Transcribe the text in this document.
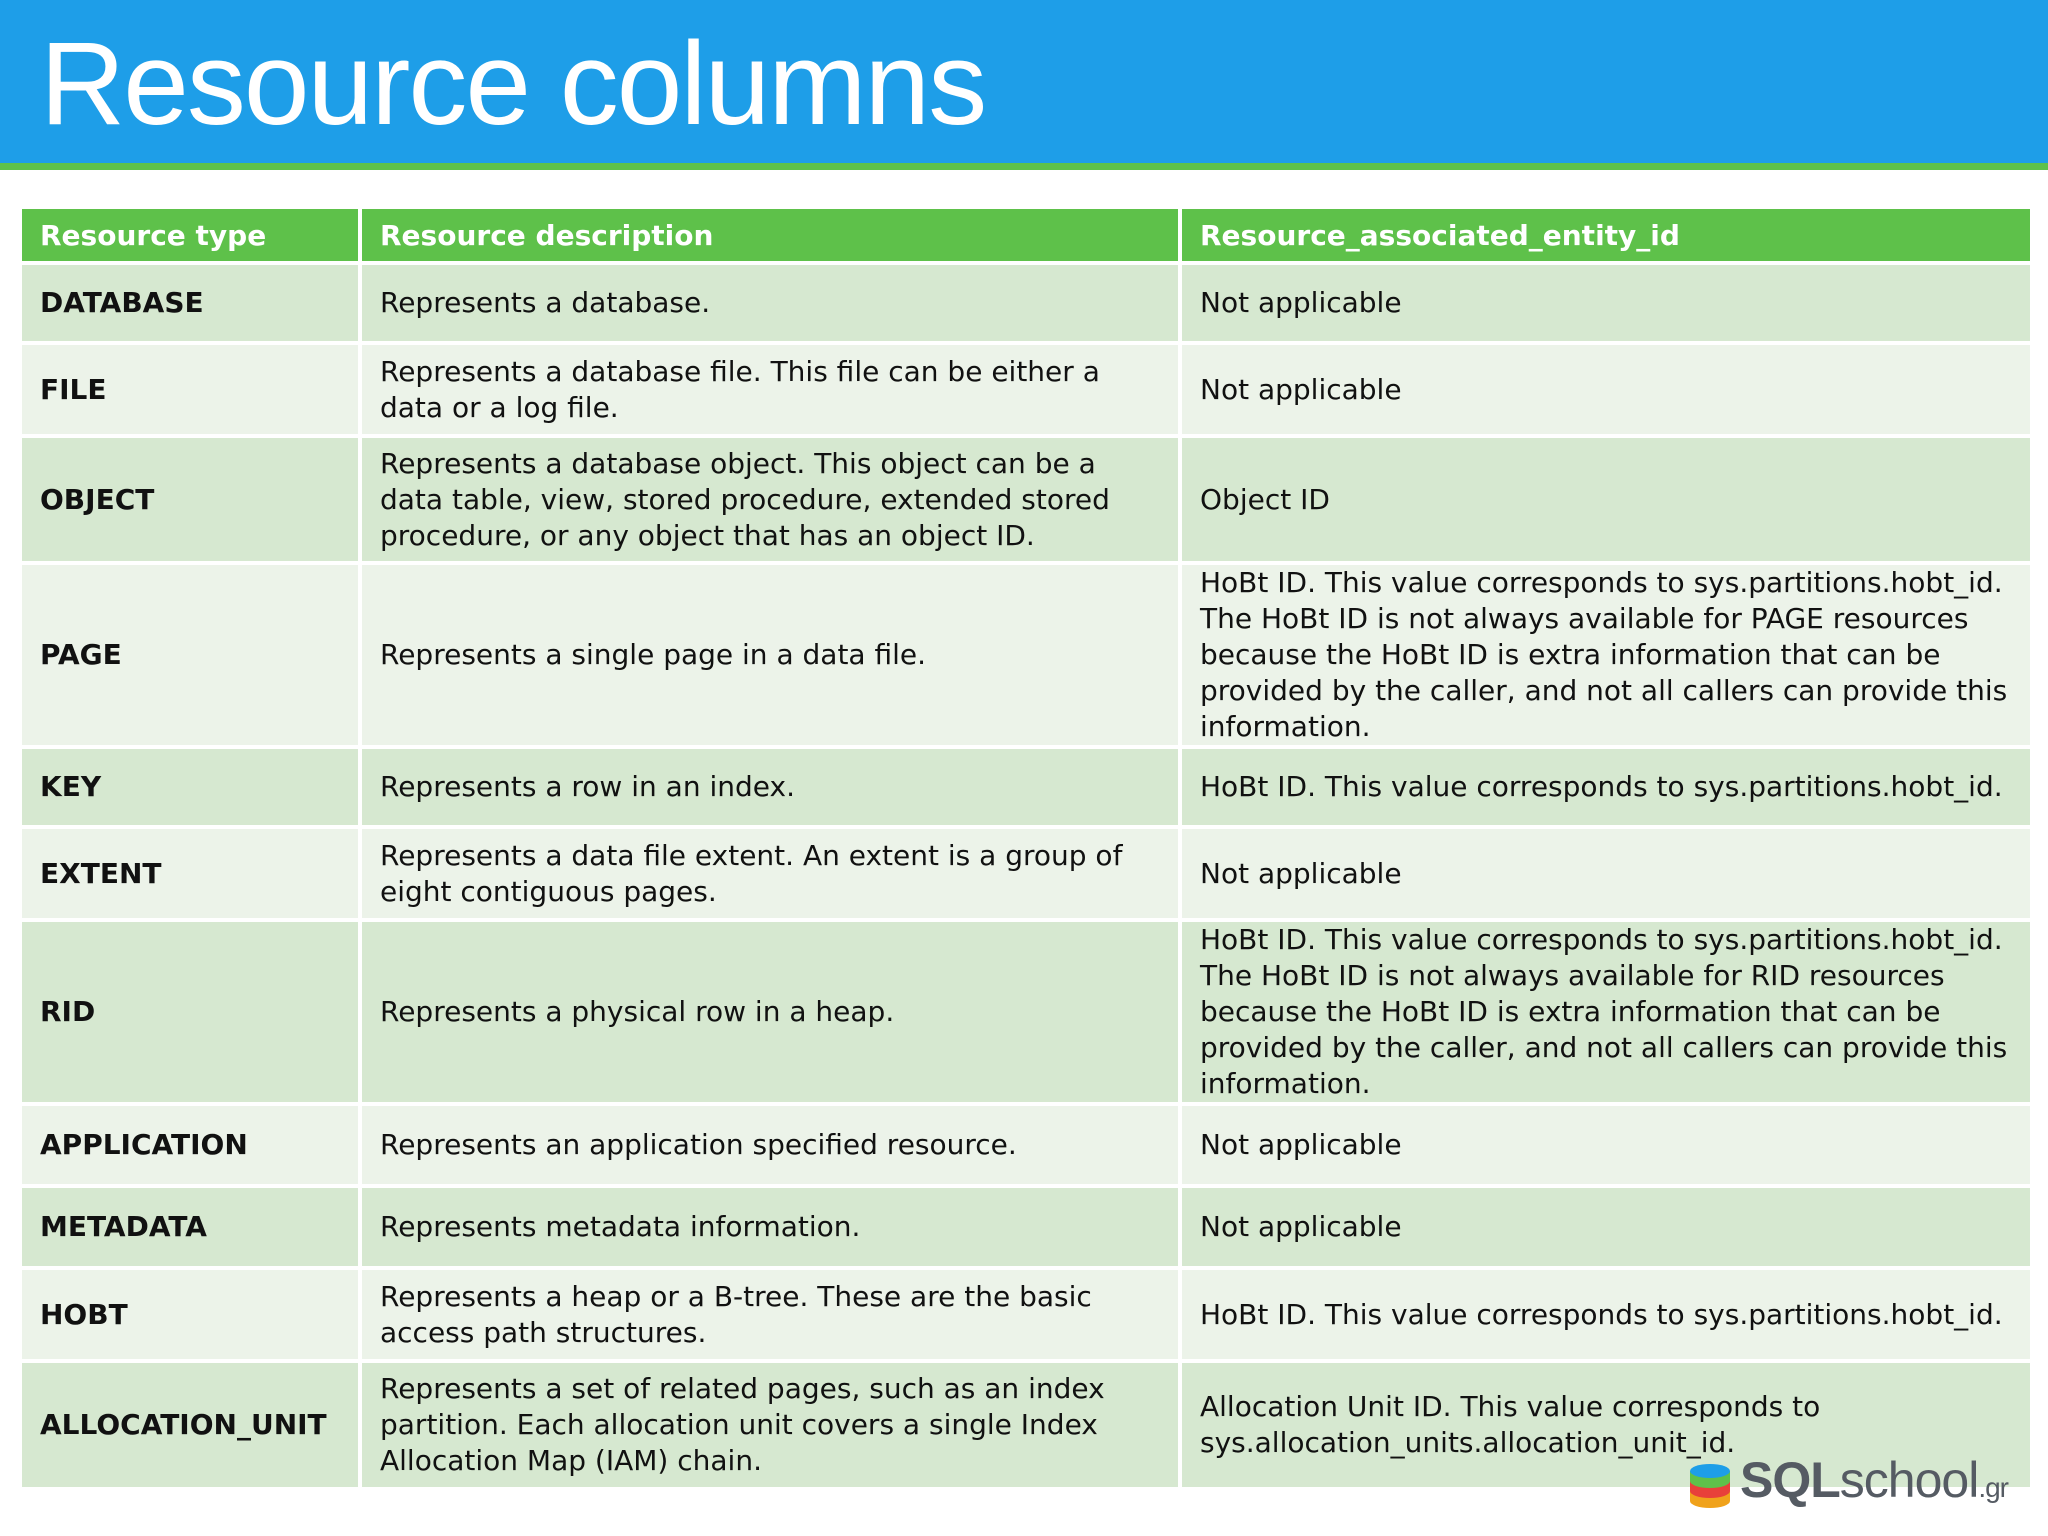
Resource columns
Resource type	Resource description	Resource_associated_entity_id
DATABASE	Represents a database.	Not applicable
FILE	Represents a database file. This file can be either a data or a log file.	Not applicable
OBJECT	Represents a database object. This object can be a data table, view, stored procedure, extended stored procedure, or any object that has an object ID.	Object ID
PAGE	Represents a single page in a data file.	HoBt ID. This value corresponds to sys.partitions.hobt_id. The HoBt ID is not always available for PAGE resources because the HoBt ID is extra information that can be provided by the caller, and not all callers can provide this information.
KEY	Represents a row in an index.	HoBt ID. This value corresponds to sys.partitions.hobt_id.
EXTENT	Represents a data file extent. An extent is a group of eight contiguous pages.	Not applicable
RID	Represents a physical row in a heap.	HoBt ID. This value corresponds to sys.partitions.hobt_id. The HoBt ID is not always available for RID resources because the HoBt ID is extra information that can be provided by the caller, and not all callers can provide this information.
APPLICATION	Represents an application specified resource.	Not applicable
METADATA	Represents metadata information.	Not applicable
HOBT	Represents a heap or a B-tree. These are the basic access path structures.	HoBt ID. This value corresponds to sys.partitions.hobt_id.
ALLOCATION_UNIT	Represents a set of related pages, such as an index partition. Each allocation unit covers a single Index Allocation Map (IAM) chain.	Allocation Unit ID. This value corresponds to sys.allocation_units.allocation_unit_id.
SQLschool.gr
